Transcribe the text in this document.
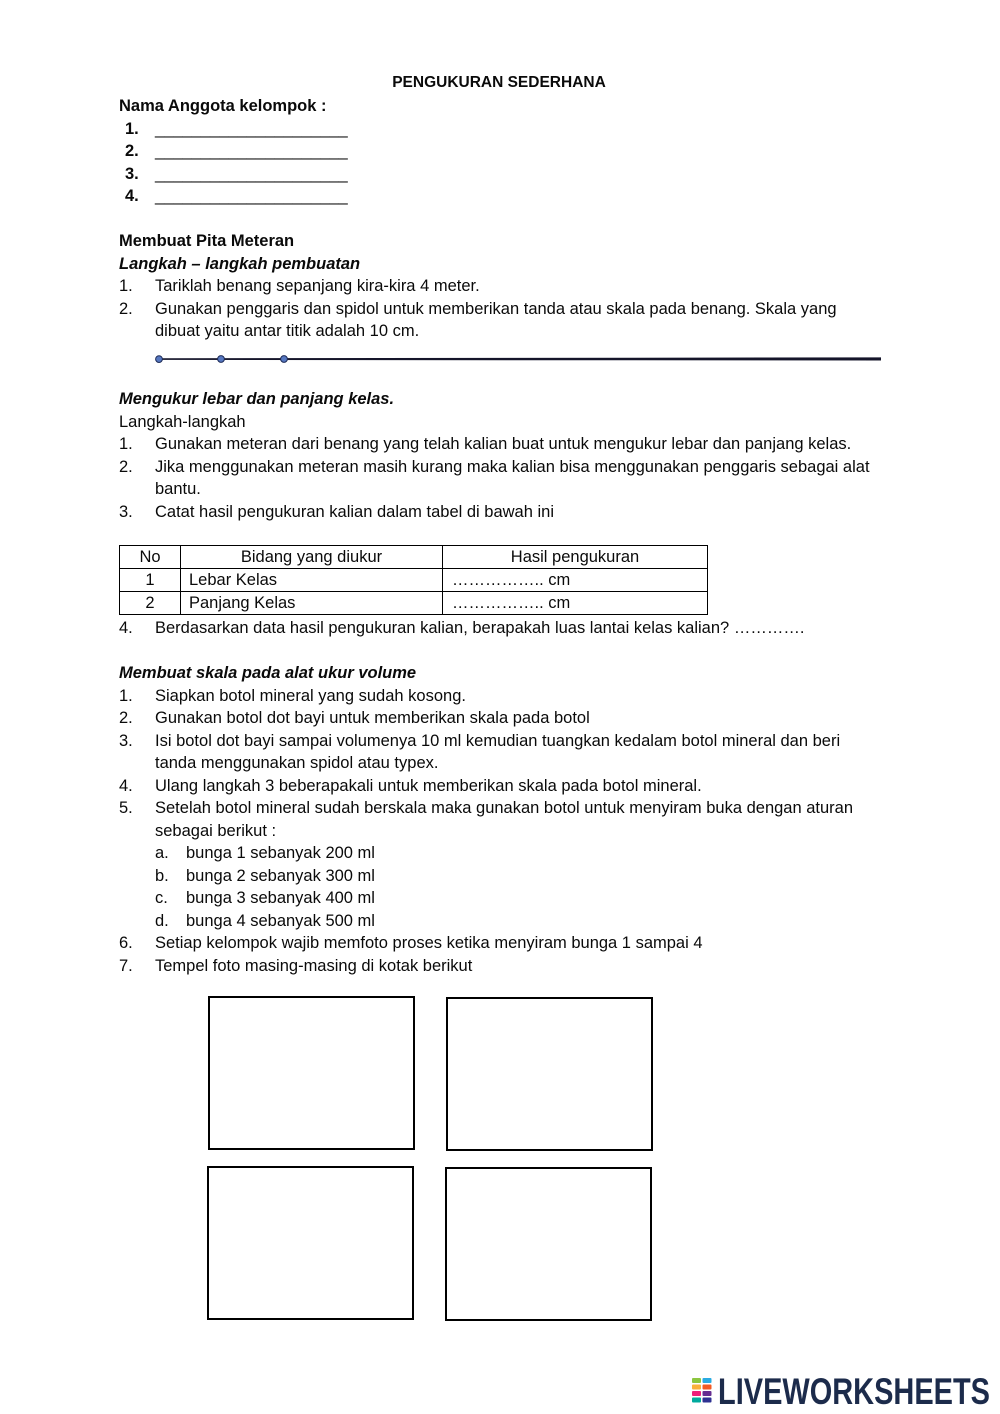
PENGUKURAN SEDERHANA
Nama Anggota kelompok :
1. _____________________
2. _____________________
3. _____________________
4. _____________________
Membuat Pita Meteran
Langkah – langkah pembuatan
1.	Tariklah benang sepanjang kira-kira 4 meter.
2.	Gunakan penggaris dan spidol untuk memberikan tanda atau skala pada benang. Skala yang
dibuat yaitu antar titik adalah 10 cm.
Mengukur lebar dan panjang kelas.
Langkah-langkah
1.	Gunakan meteran dari benang yang telah kalian buat untuk mengukur lebar dan panjang kelas.
2.	Jika menggunakan meteran masih kurang maka kalian bisa menggunakan penggaris sebagai alat
bantu.
3.	Catat hasil pengukuran kalian dalam tabel di bawah ini
No	Bidang yang diukur	Hasil pengukuran
1	Lebar Kelas	…………….. cm
2	Panjang Kelas	…………….. cm
4.	Berdasarkan data hasil pengukuran kalian, berapakah luas lantai kelas kalian? ………….
Membuat skala pada alat ukur volume
1.	Siapkan botol mineral yang sudah kosong.
2.	Gunakan botol dot bayi untuk memberikan skala pada botol
3.	Isi botol dot bayi sampai volumenya 10 ml kemudian tuangkan kedalam botol mineral dan beri
tanda menggunakan spidol atau typex.
4.	Ulang langkah 3 beberapakali untuk memberikan skala pada botol mineral.
5.	Setelah botol mineral sudah berskala maka gunakan botol untuk menyiram buka dengan aturan
sebagai berikut :
a.	bunga 1 sebanyak 200 ml
b.	bunga 2 sebanyak 300 ml
c.	bunga 3 sebanyak 400 ml
d.	bunga 4 sebanyak 500 ml
6.	Setiap kelompok wajib memfoto proses ketika menyiram bunga 1 sampai 4
7.	Tempel foto masing-masing di kotak berikut
LIVEWORKSHEETS
